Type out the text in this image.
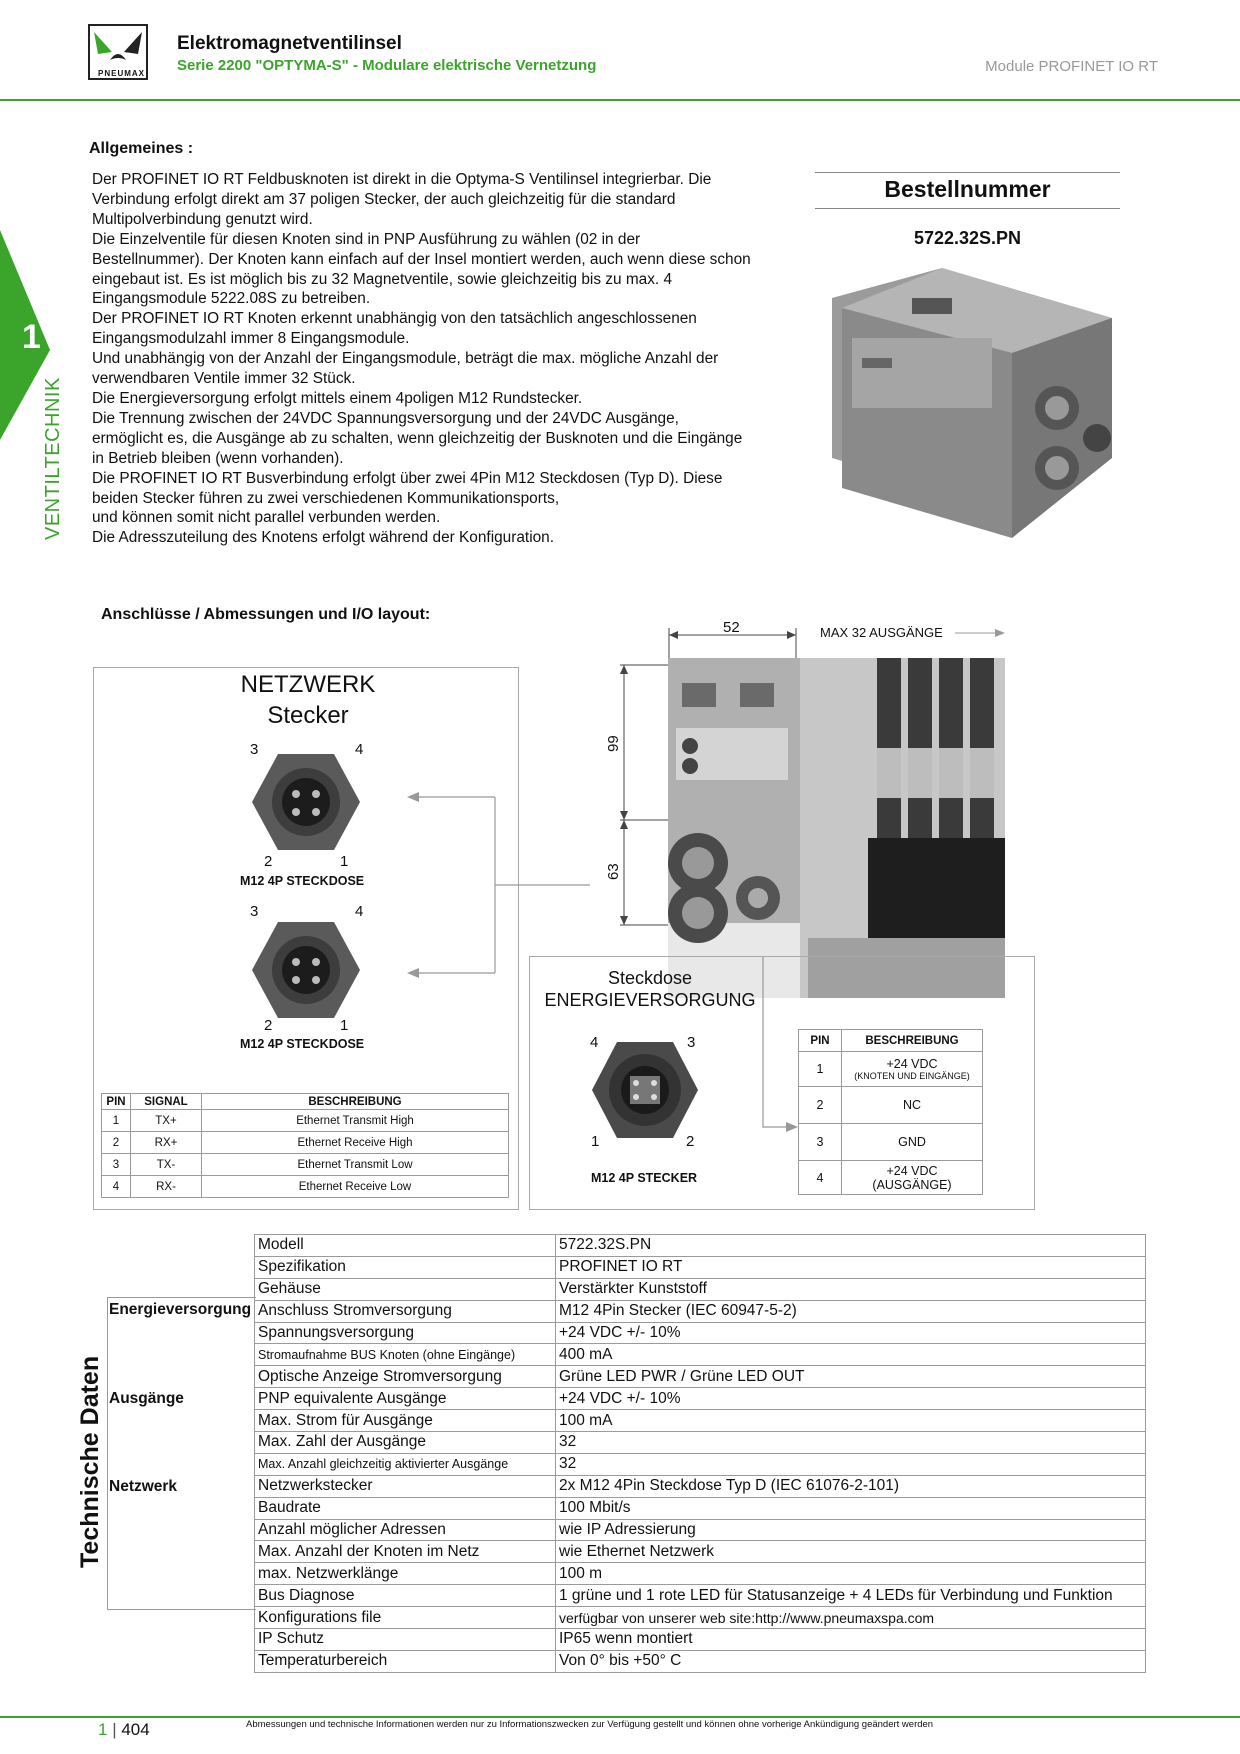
PNEUMAX
Elektromagnetventilinsel
Serie 2200 "OPTYMA-S" - Modulare elektrische Vernetzung	Module PROFINET IO RT
1
VENTILTECHNIK
Allgemeines :
Der PROFINET IO RT Feldbusknoten ist direkt in die Optyma-S Ventilinsel integrierbar. Die
Verbindung erfolgt direkt am 37 poligen Stecker, der auch gleichzeitig für die standard
Multipolverbindung genutzt wird.
Die Einzelventile für diesen Knoten sind in PNP Ausführung zu wählen (02 in der
Bestellnummer). Der Knoten kann einfach auf der Insel montiert werden, auch wenn diese schon
eingebaut ist. Es ist möglich bis zu 32 Magnetventile, sowie gleichzeitig bis zu max. 4
Eingangsmodule 5222.08S zu betreiben.
Der PROFINET IO RT Knoten erkennt unabhängig von den tatsächlich angeschlossenen
Eingangsmodulzahl immer 8 Eingangsmodule.
Und unabhängig von der Anzahl der Eingangsmodule, beträgt die max. mögliche Anzahl der
verwendbaren Ventile immer 32 Stück.
Die Energieversorgung erfolgt mittels einem 4poligen M12 Rundstecker.
Die Trennung zwischen der 24VDC Spannungsversorgung und der 24VDC Ausgänge,
ermöglicht es, die Ausgänge ab zu schalten, wenn gleichzeitig der Busknoten und die Eingänge
in Betrieb bleiben (wenn vorhanden).
Die PROFINET IO RT Busverbindung erfolgt über zwei 4Pin M12 Steckdosen (Typ D). Diese
beiden Stecker führen zu zwei verschiedenen Kommunikationsports,
und können somit nicht parallel verbunden werden.
Die Adresszuteilung des Knotens erfolgt während der Konfiguration.
Bestellnummer
5722.32S.PN
Anschlüsse / Abmessungen und I/O layout:
NETZWERK
Stecker
3	4
2	1
M12 4P STECKDOSE
3	4
2	1
M12 4P STECKDOSE
PIN	SIGNAL	BESCHREIBUNG
1	TX+	Ethernet Transmit High
2	RX+	Ethernet Receive High
3	TX-	Ethernet Transmit Low
4	RX-	Ethernet Receive Low
52
99
63
MAX 32 AUSGÄNGE
Steckdose
ENERGIEVERSORGUNG
4	3
1	2
M12 4P STECKER
PIN	BESCHREIBUNG
1	+24 VDC
(KNOTEN UND EINGÄNGE)

2	NC
3	GND
4	+24 VDC (AUSGÄNGE)
Technische Daten
Energieversorgung
Ausgänge
Netzwerk
Modell	5722.32S.PN
Spezifikation	PROFINET IO RT
Gehäuse	Verstärkter Kunststoff
Anschluss Stromversorgung	M12 4Pin Stecker (IEC 60947-5-2)
Spannungsversorgung	+24 VDC +/- 10%
Stromaufnahme BUS Knoten (ohne Eingänge)	400 mA
Optische Anzeige Stromversorgung	Grüne LED PWR / Grüne LED OUT
PNP equivalente Ausgänge	+24 VDC +/- 10%
Max. Strom für Ausgänge	100 mA
Max. Zahl der Ausgänge	32
Max. Anzahl gleichzeitig aktivierter Ausgänge	32
Netzwerkstecker	2x M12 4Pin Steckdose Typ D (IEC 61076-2-101)
Baudrate	100 Mbit/s
Anzahl möglicher Adressen	wie IP Adressierung
Max. Anzahl der Knoten im Netz	wie Ethernet Netzwerk
max. Netzwerklänge	100 m
Bus Diagnose	1 grüne und 1 rote LED für Statusanzeige + 4 LEDs für Verbindung und Funktion
Konfigurations file	verfügbar von unserer web site:http://www.pneumaxspa.com
IP Schutz	IP65 wenn montiert
Temperaturbereich	Von 0° bis +50° C
1 | 404	Abmessungen und technische Informationen werden nur zu Informationszwecken zur Verfügung gestellt und können ohne vorherige Ankündigung geändert werden
